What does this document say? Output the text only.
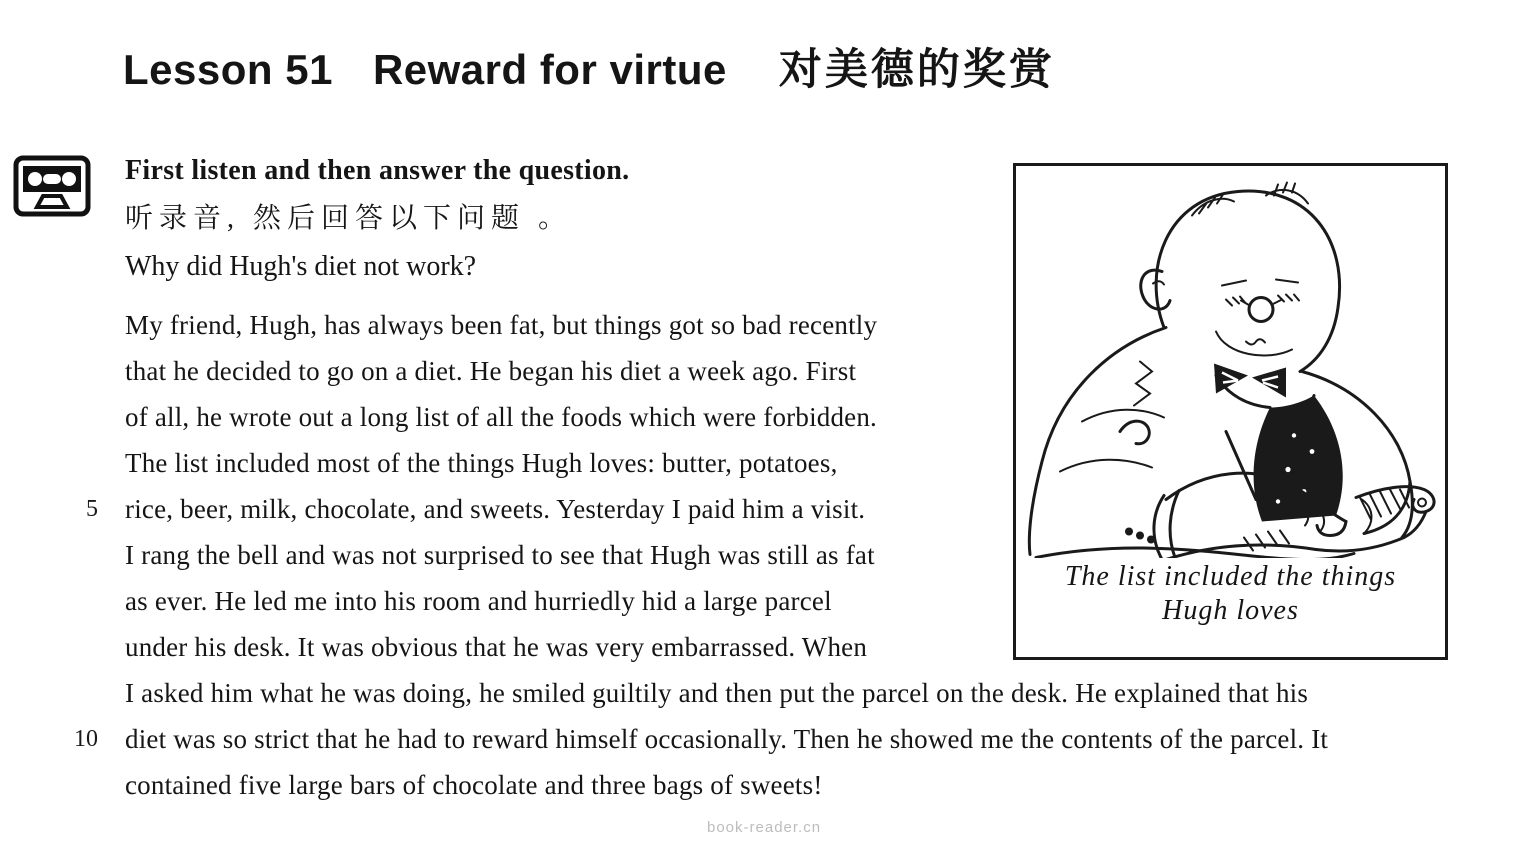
Lesson 51 Reward for virtue 对美德的奖赏

First listen and then answer the question.

听录音, 然后回答以下问题 。

Why did Hugh's diet not work?

My friend, Hugh, has always been fat, but things got so bad recently
that he decided to go on a diet. He began his diet a week ago. First
of all, he wrote out a long list of all the foods which were forbidden.
The list included most of the things Hugh loves: butter, potatoes,
5 rice, beer, milk, chocolate, and sweets. Yesterday I paid him a visit.
I rang the bell and was not surprised to see that Hugh was still as fat
as ever. He led me into his room and hurriedly hid a large parcel
under his desk. It was obvious that he was very embarrassed. When
I asked him what he was doing, he smiled guiltily and then put the parcel on the desk. He explained that his
10 diet was so strict that he had to reward himself occasionally. Then he showed me the contents of the parcel. It
contained five large bars of chocolate and three bags of sweets!
The list included the things
Hugh loves
book-reader.cn
